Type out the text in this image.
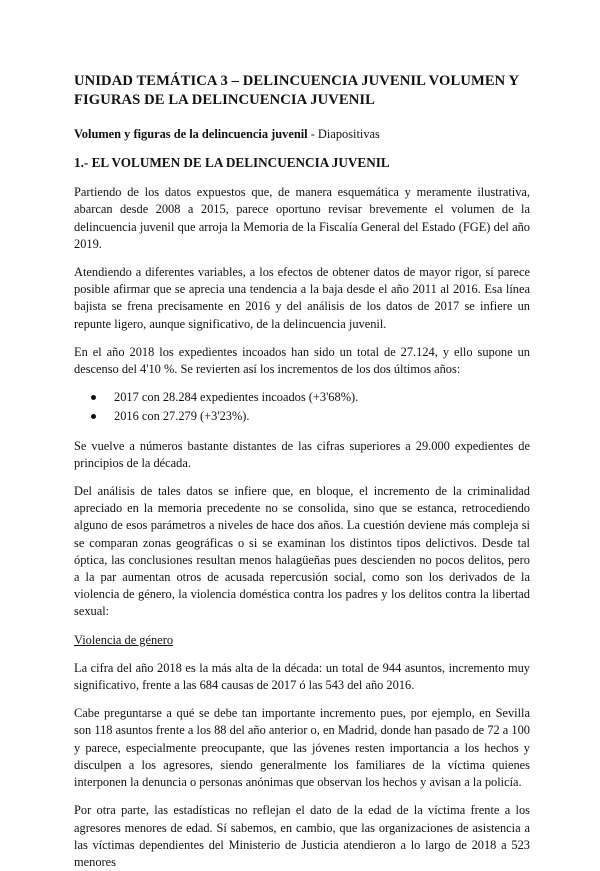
UNIDAD TEMÁTICA 3 – DELINCUENCIA JUVENIL VOLUMEN Y FIGURAS DE LA DELINCUENCIA JUVENIL

Volumen y figuras de la delincuencia juvenil - Diapositivas

1.- EL VOLUMEN DE LA DELINCUENCIA JUVENIL

Partiendo de los datos expuestos que, de manera esquemática y meramente ilustrativa, abarcan desde 2008 a 2015, parece oportuno revisar brevemente el volumen de la delincuencia juvenil que arroja la Memoria de la Fiscalía General del Estado (FGE) del año 2019.

Atendiendo a diferentes variables, a los efectos de obtener datos de mayor rigor, sí parece posible afirmar que se aprecia una tendencia a la baja desde el año 2011 al 2016. Esa línea bajista se frena precisamente en 2016 y del análisis de los datos de 2017 se infiere un repunte ligero, aunque significativo, de la delincuencia juvenil.

En el año 2018 los expedientes incoados han sido un total de 27.124, y ello supone un descenso del 4'10 %. Se revierten así los incrementos de los dos últimos años:

2017 con 28.284 expedientes incoados (+3'68%).
2016 con 27.279 (+3'23%).

Se vuelve a números bastante distantes de las cifras superiores a 29.000 expedientes de principios de la década.

Del análisis de tales datos se infiere que, en bloque, el incremento de la criminalidad apreciado en la memoria precedente no se consolida, sino que se estanca, retrocediendo alguno de esos parámetros a niveles de hace dos años. La cuestión deviene más compleja si se comparan zonas geográficas o si se examinan los distintos tipos delictivos. Desde tal óptica, las conclusiones resultan menos halagüeñas pues descienden no pocos delitos, pero a la par aumentan otros de acusada repercusión social, como son los derivados de la violencia de género, la violencia doméstica contra los padres y los delitos contra la libertad sexual:

Violencia de género

La cifra del año 2018 es la más alta de la década: un total de 944 asuntos, incremento muy significativo, frente a las 684 causas de 2017 ó las 543 del año 2016.

Cabe preguntarse a qué se debe tan importante incremento pues, por ejemplo, en Sevilla son 118 asuntos frente a los 88 del año anterior o, en Madrid, donde han pasado de 72 a 100 y parece, especialmente preocupante, que las jóvenes resten importancia a los hechos y disculpen a los agresores, siendo generalmente los familiares de la víctima quienes interponen la denuncia o personas anónimas que observan los hechos y avisan a la policía.

Por otra parte, las estadísticas no reflejan el dato de la edad de la víctima frente a los agresores menores de edad. Sí sabemos, en cambio, que las organizaciones de asistencia a las víctimas dependientes del Ministerio de Justicia atendieron a lo largo de 2018 a 523 menores
